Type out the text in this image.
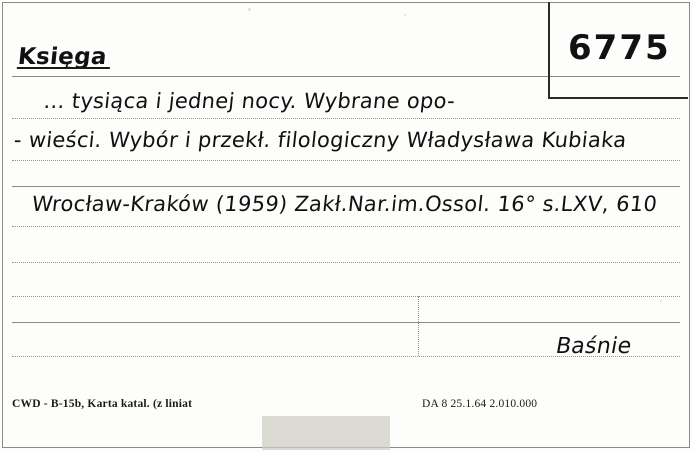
6775
Księga
... tysiąca i jednej nocy. Wybrane opo-
- wieści. Wybór i przekł. filologiczny Władysława Kubiaka
Wrocław-Kraków (1959) Zakł.Nar.im.Ossol. 16° s.LXV, 610
Baśnie
CWD - B-15b, Karta katal. (z liniat	DA 8 25.1.64 2.010.000
